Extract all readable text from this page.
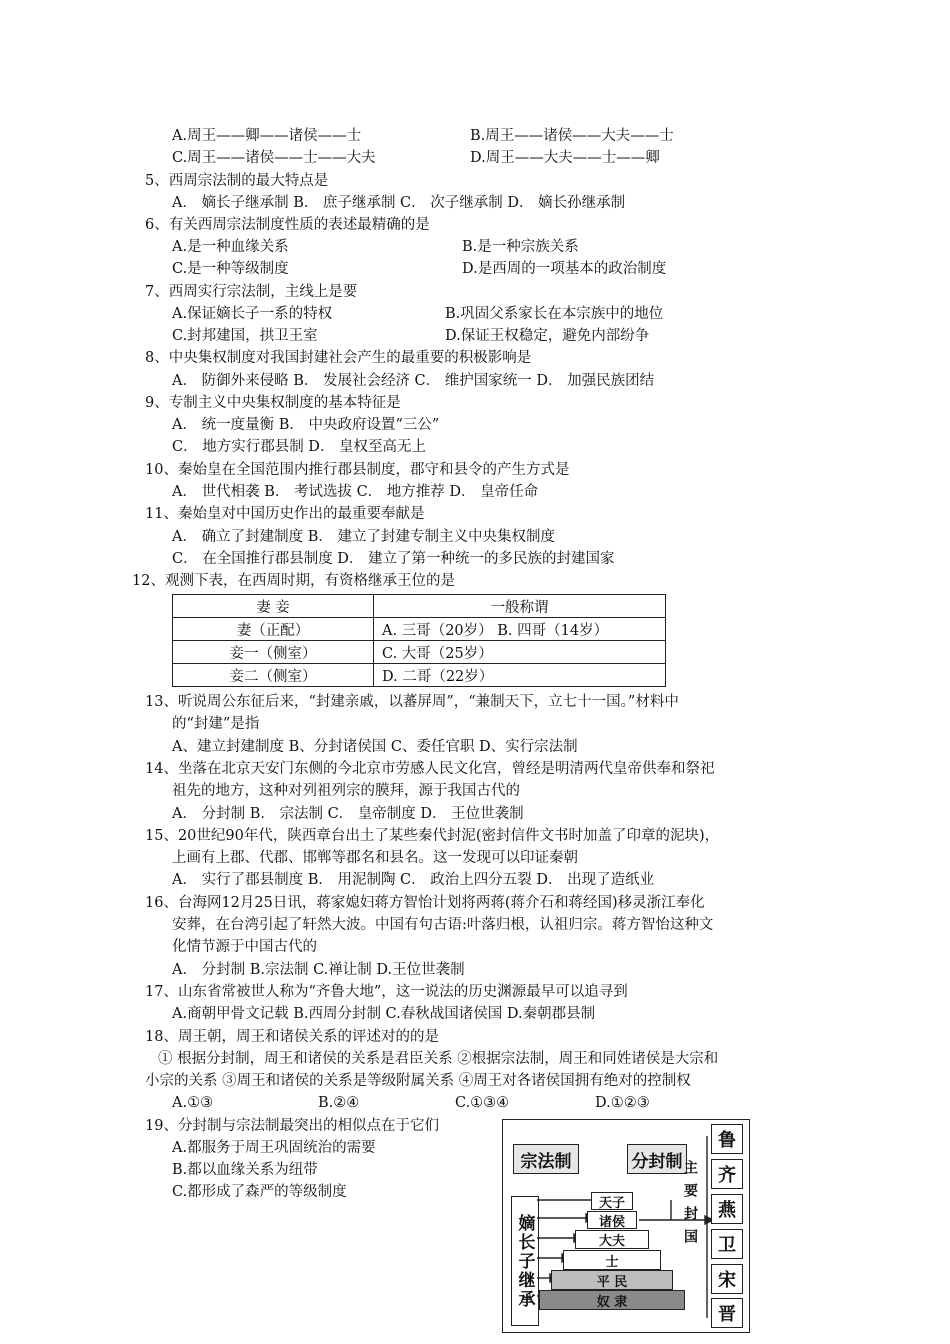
A.周王——卿——诸侯——士	B.周王——诸侯——大夫——士
C.周王——诸侯——士——大夫	D.周王——大夫——士——卿
5、西周宗法制的最大特点是
A． 嫡长子继承制 B． 庶子继承制 C． 次子继承制 D． 嫡长孙继承制
6、有关西周宗法制度性质的表述最精确的是
A.是一种血缘关系	B.是一种宗族关系
C.是一种等级制度	D.是西周的一项基本的政治制度
7、西周实行宗法制，主线上是要
A.保证嫡长子一系的特权	B.巩固父系家长在本宗族中的地位
C.封邦建国，拱卫王室	D.保证王权稳定，避免内部纷争
8、中央集权制度对我国封建社会产生的最重要的积极影响是
A． 防御外来侵略 B． 发展社会经济 C． 维护国家统一 D． 加强民族团结
9、专制主义中央集权制度的基本特征是
A． 统一度量衡 B． 中央政府设置“三公”
C． 地方实行郡县制 D． 皇权至高无上
10、秦始皇在全国范围内推行郡县制度，郡守和县令的产生方式是
A． 世代相袭 B． 考试选拔 C． 地方推荐 D． 皇帝任命
11、秦始皇对中国历史作出的最重要奉献是
A． 确立了封建制度 B． 建立了封建专制主义中央集权制度
C． 在全国推行郡县制度 D． 建立了第一种统一的多民族的封建国家
12、观测下表，在西周时期，有资格继承王位的是
13、听说周公东征后来，“封建亲戚，以蕃屏周”，“兼制天下，立七十一国。”材料中
的“封建”是指
A、建立封建制度 B、分封诸侯国 C、委任官职 D、实行宗法制
14、坐落在北京天安门东侧的今北京市劳感人民文化宫，曾经是明清两代皇帝供奉和祭祀
祖先的地方，这种对列祖列宗的膜拜，源于我国古代的
A． 分封制 B． 宗法制 C． 皇帝制度 D． 王位世袭制
15、20世纪90年代，陕西章台出土了某些秦代封泥(密封信件文书时加盖了印章的泥块)，
上画有上郡、代郡、邯郸等郡名和县名。这一发现可以印证秦朝
A． 实行了郡县制度 B． 用泥制陶 C． 政治上四分五裂 D． 出现了造纸业
16、台海网12月25日讯，蒋家媳妇蒋方智怡计划将两蒋(蒋介石和蒋经国)移灵浙江奉化
安葬，在台湾引起了轩然大波。中国有句古语:叶落归根，认祖归宗。蒋方智怡这种文
化情节源于中国古代的
A． 分封制 B.宗法制 C.禅让制 D.王位世袭制
17、山东省常被世人称为“齐鲁大地”，这一说法的历史渊源最早可以追寻到
A.商朝甲骨文记载 B.西周分封制 C.春秋战国诸侯国 D.秦朝郡县制
18、周王朝，周王和诸侯关系的评述对的的是
① 根据分封制，周王和诸侯的关系是君臣关系 ②根据宗法制，周王和同姓诸侯是大宗和
小宗的关系 ③周王和诸侯的关系是等级附属关系 ④周王对各诸侯国拥有绝对的控制权
A.①③	B.②④	C.①③④	D.①②③
19、分封制与宗法制最突出的相似点在于它们
A.都服务于周王巩固统治的需要
B.都以血缘关系为纽带
C.都形成了森严的等级制度
妻 妾	一般称谓
妻（正配）	A. 三哥（20岁） B. 四哥（14岁）
妾一（侧室）	C. 大哥（25岁）
妾二（侧室）	D. 二哥（22岁）
宗法制	分封制
嫡长子继承
主要封国
天子
诸侯
大夫
士
平 民
奴 隶
鲁
齐
燕
卫
宋
晋
